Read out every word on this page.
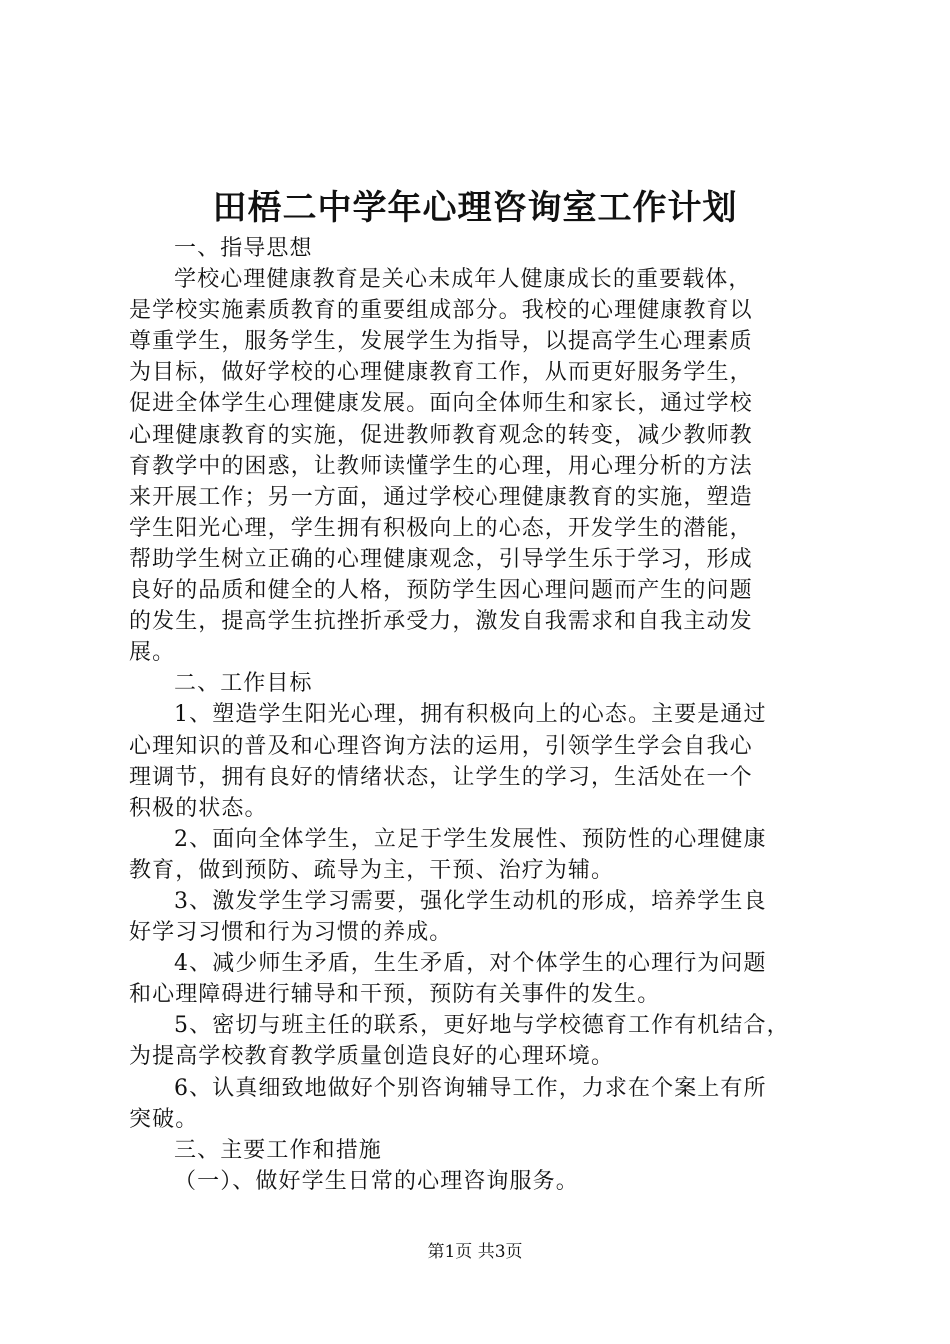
田梧二中学年心理咨询室工作计划
一、指导思想
学校心理健康教育是关心未成年人健康成长的重要载体，
是学校实施素质教育的重要组成部分。我校的心理健康教育以
尊重学生，服务学生，发展学生为指导，以提高学生心理素质
为目标，做好学校的心理健康教育工作，从而更好服务学生，
促进全体学生心理健康发展。面向全体师生和家长，通过学校
心理健康教育的实施，促进教师教育观念的转变，减少教师教
育教学中的困惑，让教师读懂学生的心理，用心理分析的方法
来开展工作；另一方面，通过学校心理健康教育的实施，塑造
学生阳光心理，学生拥有积极向上的心态，开发学生的潜能，
帮助学生树立正确的心理健康观念，引导学生乐于学习，形成
良好的品质和健全的人格，预防学生因心理问题而产生的问题
的发生，提高学生抗挫折承受力，激发自我需求和自我主动发
展。
二、工作目标
1、塑造学生阳光心理，拥有积极向上的心态。主要是通过
心理知识的普及和心理咨询方法的运用，引领学生学会自我心
理调节，拥有良好的情绪状态，让学生的学习，生活处在一个
积极的状态。
2、面向全体学生，立足于学生发展性、预防性的心理健康
教育，做到预防、疏导为主，干预、治疗为辅。
3、激发学生学习需要，强化学生动机的形成，培养学生良
好学习习惯和行为习惯的养成。
4、减少师生矛盾，生生矛盾，对个体学生的心理行为问题
和心理障碍进行辅导和干预，预防有关事件的发生。
5、密切与班主任的联系，更好地与学校德育工作有机结合，
为提高学校教育教学质量创造良好的心理环境。
6、认真细致地做好个别咨询辅导工作，力求在个案上有所
突破。
三、主要工作和措施
（一）、做好学生日常的心理咨询服务。
第1页 共3页
